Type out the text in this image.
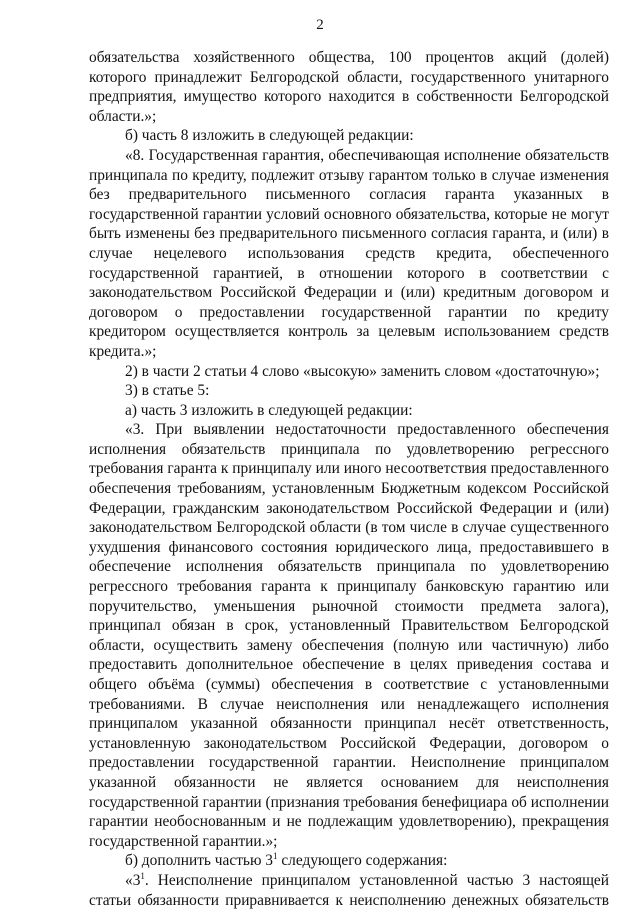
2

обязательства хозяйственного общества, 100 процентов акций (долей) которого принадлежит Белгородской области, государственного унитарного предприятия, имущество которого находится в собственности Белгородской области.»;

б) часть 8 изложить в следующей редакции:

«8. Государственная гарантия, обеспечивающая исполнение обязательств принципала по кредиту, подлежит отзыву гарантом только в случае изменения без предварительного письменного согласия гаранта указанных в государственной гарантии условий основного обязательства, которые не могут быть изменены без предварительного письменного согласия гаранта, и (или) в случае нецелевого использования средств кредита, обеспеченного государственной гарантией, в отношении которого в соответствии с законодательством Российской Федерации и (или) кредитным договором и договором о предоставлении государственной гарантии по кредиту кредитором осуществляется контроль за целевым использованием средств кредита.»;

2) в части 2 статьи 4 слово «высокую» заменить словом «достаточную»;

3) в статье 5:

а) часть 3 изложить в следующей редакции:

«3. При выявлении недостаточности предоставленного обеспечения исполнения обязательств принципала по удовлетворению регрессного требования гаранта к принципалу или иного несоответствия предоставленного обеспечения требованиям, установленным Бюджетным кодексом Российской Федерации, гражданским законодательством Российской Федерации и (или) законодательством Белгородской области (в том числе в случае существенного ухудшения финансового состояния юридического лица, предоставившего в обеспечение исполнения обязательств принципала по удовлетворению регрессного требования гаранта к принципалу банковскую гарантию или поручительство, уменьшения рыночной стоимости предмета залога), принципал обязан в срок, установленный Правительством Белгородской области, осуществить замену обеспечения (полную или частичную) либо предоставить дополнительное обеспечение в целях приведения состава и общего объёма (суммы) обеспечения в соответствие с установленными требованиями. В случае неисполнения или ненадлежащего исполнения принципалом указанной обязанности принципал несёт ответственность, установленную законодательством Российской Федерации, договором о предоставлении государственной гарантии. Неисполнение принципалом указанной обязанности не является основанием для неисполнения государственной гарантии (признания требования бенефициара об исполнении гарантии необоснованным и не подлежащим удовлетворению), прекращения государственной гарантии.»;

б) дополнить частью $3^1$ следующего содержания:

«$3^1$. Неисполнение принципалом установленной частью 3 настоящей статьи обязанности приравнивается к неисполнению денежных обязательств
